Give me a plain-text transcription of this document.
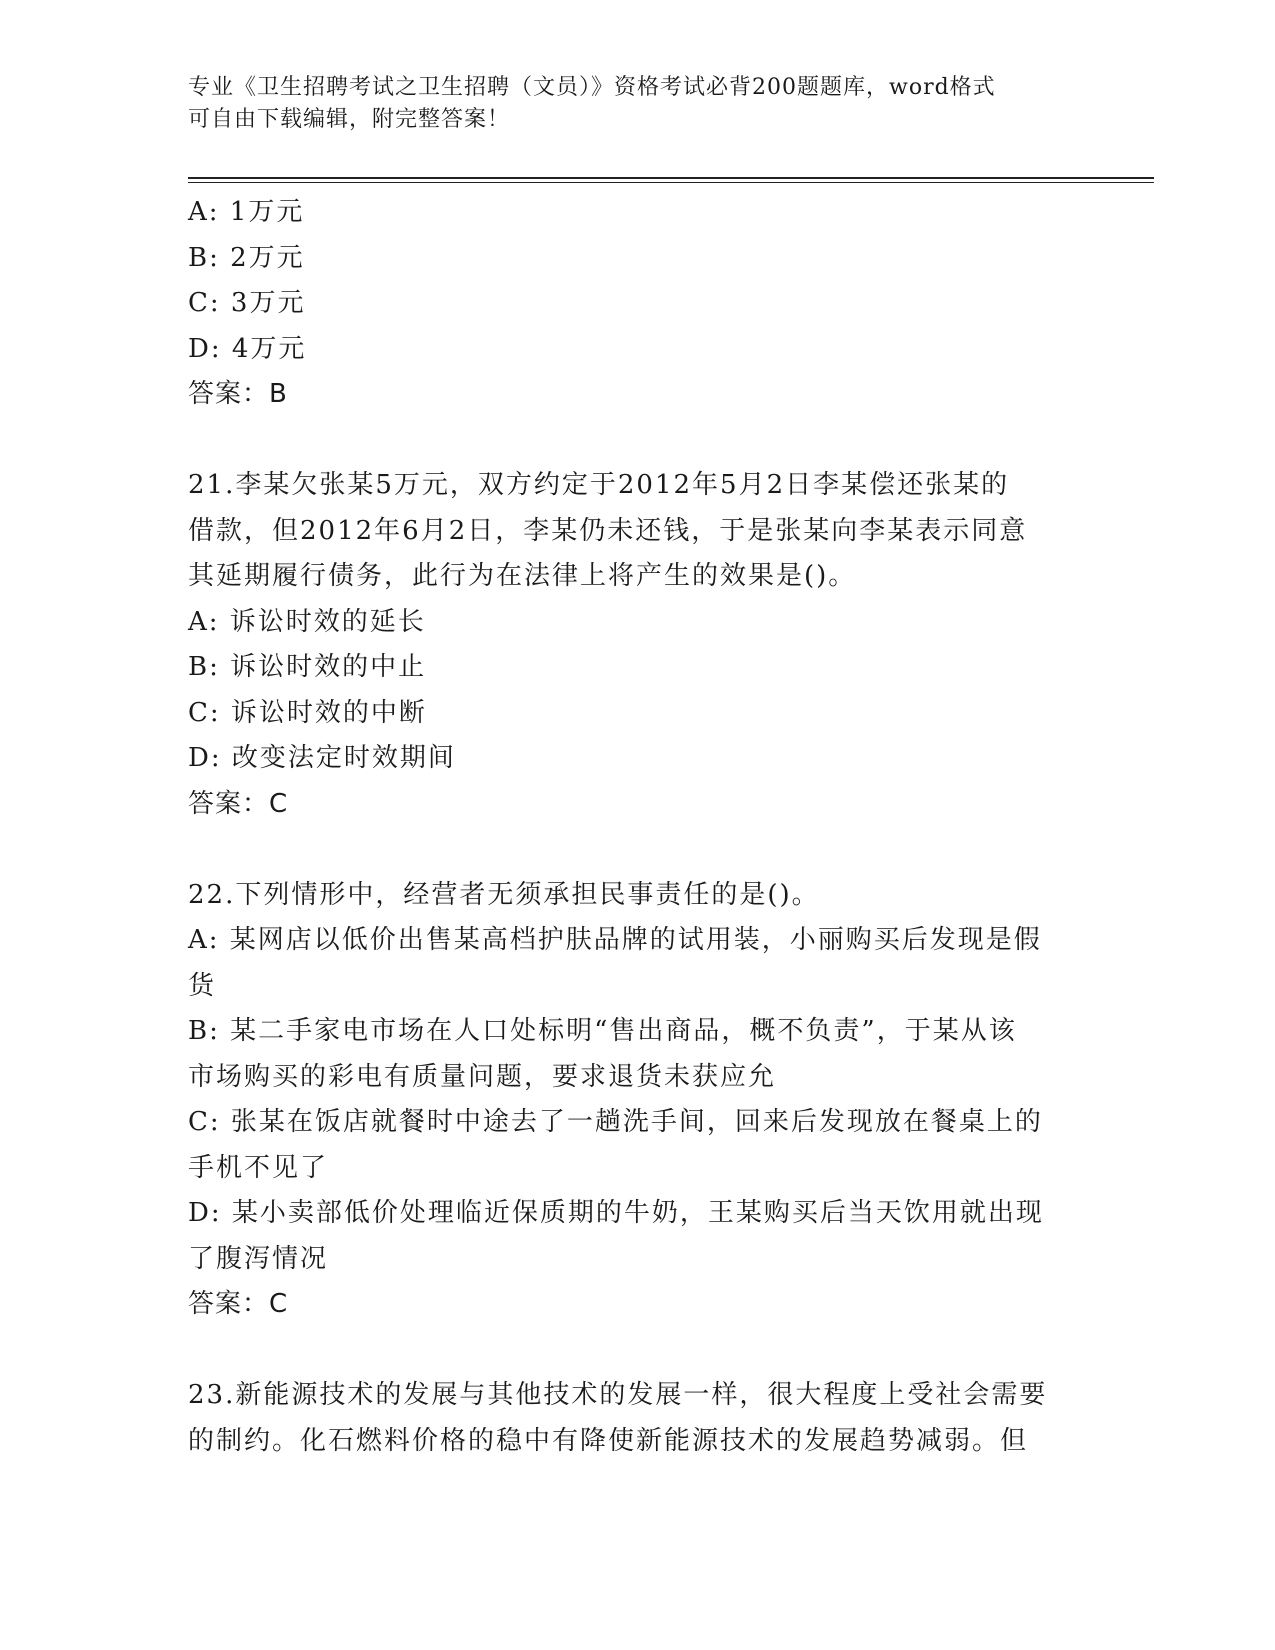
专业《卫生招聘考试之卫生招聘（文员）》资格考试必背200题题库，word格式
可自由下载编辑，附完整答案！
A: 1万元
B: 2万元
C: 3万元
D: 4万元
答案：B
21.李某欠张某5万元，双方约定于2012年5月2日李某偿还张某的
借款，但2012年6月2日，李某仍未还钱，于是张某向李某表示同意
其延期履行债务，此行为在法律上将产生的效果是()。
A: 诉讼时效的延长
B: 诉讼时效的中止
C: 诉讼时效的中断
D: 改变法定时效期间
答案：C
22.下列情形中，经营者无须承担民事责任的是()。
A: 某网店以低价出售某高档护肤品牌的试用装，小丽购买后发现是假
货
B: 某二手家电市场在人口处标明“售出商品，概不负责”，于某从该
市场购买的彩电有质量问题，要求退货未获应允
C: 张某在饭店就餐时中途去了一趟洗手间，回来后发现放在餐桌上的
手机不见了
D: 某小卖部低价处理临近保质期的牛奶，王某购买后当天饮用就出现
了腹泻情况
答案：C
23.新能源技术的发展与其他技术的发展一样，很大程度上受社会需要
的制约。化石燃料价格的稳中有降使新能源技术的发展趋势减弱。但
